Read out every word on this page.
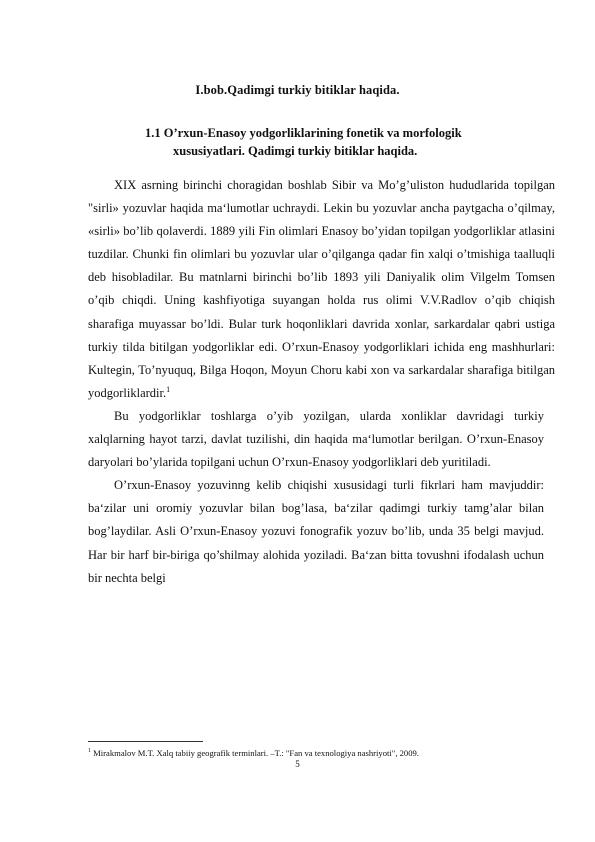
I.bob.Qadimgi turkiy bitiklar haqida.
1.1 O’rxun-Enasoy yodgorliklarining fonetik va morfologik
xususiyatlari. Qadimgi turkiy bitiklar haqida.

XIX asrning birinchi choragidan boshlab Sibir va Mo’g’uliston hududlarida topilgan "sirli» yozuvlar haqida ma‘lumotlar uchraydi. Lekin bu yozuvlar ancha paytgacha o’qilmay, «sirli» bo’lib qolaverdi. 1889 yili Fin olimlari Enasoy bo’yidan topilgan yodgorliklar atlasini tuzdilar. Chunki fin olimlari bu yozuvlar ular o’qilganga qadar fin xalqi o’tmishiga taalluqli deb hisobladilar. Bu matnlarni birinchi bo’lib 1893 yili Daniyalik olim Vilgelm Tomsen o’qib chiqdi. Uning kashfiyotiga suyangan holda rus olimi V.V.Radlov o’qib chiqish sharafiga muyassar bo’ldi. Bular turk hoqonliklari davrida xonlar, sarkardalar qabri ustiga turkiy tilda bitilgan yodgorliklar edi. O’rxun-Enasoy yodgorliklari ichida eng mashhurlari: Kultegin, To’nyuquq, Bilga Hoqon, Moyun Choru kabi xon va sarkardalar sharafiga bitilgan yodgorliklardir.$^1$

Bu yodgorliklar toshlarga o’yib yozilgan, ularda xonliklar davridagi turkiy xalqlarning hayot tarzi, davlat tuzilishi, din haqida ma‘lumotlar berilgan. O’rxun-Enasoy daryolari bo’ylarida topilgani uchun O’rxun-Enasoy yodgorliklari deb yuritiladi.

O’rxun-Enasoy yozuvinng kelib chiqishi xususidagi turli fikrlari ham mavjuddir: ba‘zilar uni oromiy yozuvlar bilan bog’lasa, ba‘zilar qadimgi turkiy tamg’alar bilan bog’laydilar. Asli O’rxun-Enasoy yozuvi fonografik yozuv bo’lib, unda 35 belgi mavjud. Har bir harf bir-biriga qo’shilmay alohida yoziladi. Ba‘zan bitta tovushni ifodalash uchun bir nechta belgi

$^1$ Mirakmalov M.T. Xalq tabiiy geografik terminlari. –T.: "Fan va texnologiya nashriyoti", 2009.
5
